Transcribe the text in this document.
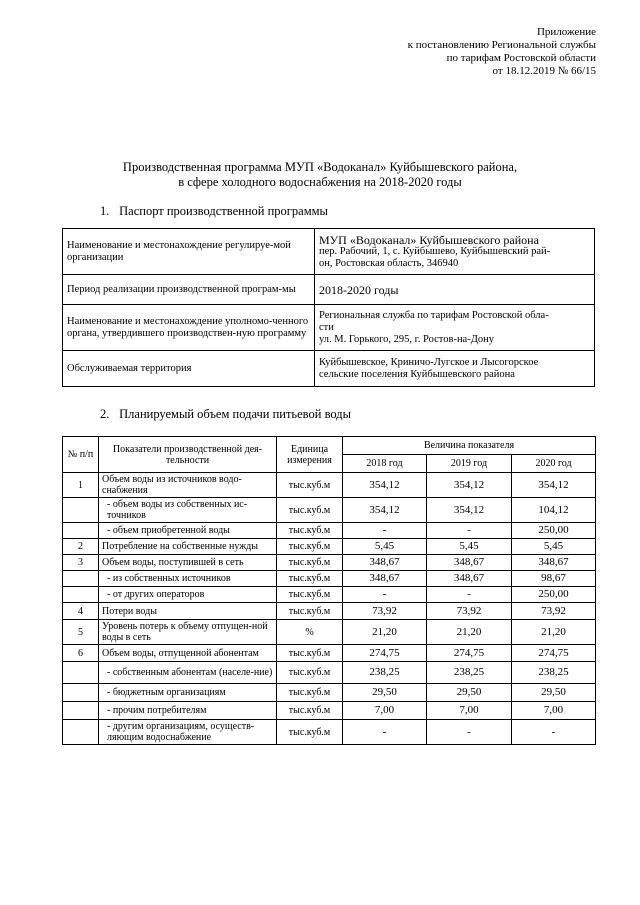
Приложение
к постановлению Региональной службы
по тарифам Ростовской области
от 18.12.2019 № 66/15
Производственная программа МУП «Водоканал» Куйбышевского района,
в сфере холодного водоснабжения на 2018-2020 годы
1. Паспорт производственной программы
Наименование и местонахождение регулируе-мой организации	МУП «Водоканал» Куйбышевского района
пер. Рабочий, 1, с. Куйбышево, Куйбышевский рай-
он, Ростовская область, 346940

Период реализации производственной програм-мы	2018-2020 годы

Наименование и местонахождение уполномо-ченного органа, утвердившего производствен-ную программу	Региональная служба по тарифам Ростовской обла-
сти
ул. М. Горького, 295, г. Ростов-на-Дону

Обслуживаемая территория	Куйбышевское, Криничо-Лугское и Лысогорское
сельские поселения Куйбышевского района
2. Планируемый объем подачи питьевой воды
№ п/п	Показатели производственной дея-тельности	Единица измерения	Величина показателя		
			2018 год	2019 год	2020 год
1	Объем воды из источников водо-снабжения	тыс.куб.м	354,12	354,12	354,12
	- объем воды из собственных ис-точников	тыс.куб.м	354,12	354,12	104,12
	- объем приобретенной воды	тыс.куб.м	-	-	250,00
2	Потребление на собственные нужды	тыс.куб.м	5,45	5,45	5,45
3	Объем воды, поступившей в сеть	тыс.куб.м	348,67	348,67	348,67
	- из собственных источников	тыс.куб.м	348,67	348,67	98,67
	- от других операторов	тыс.куб.м	-	-	250,00
4	Потери воды	тыс.куб.м	73,92	73,92	73,92
5	Уровень потерь к объему отпущен-ной воды в сеть	%	21,20	21,20	21,20
6	Объем воды, отпущенной абонентам	тыс.куб.м	274,75	274,75	274,75
	- собственным абонентам (населе-ние)	тыс.куб.м	238,25	238,25	238,25
	- бюджетным организациям	тыс.куб.м	29,50	29,50	29,50
	- прочим потребителям	тыс.куб.м	7,00	7,00	7,00
	- другим организациям, осуществ-ляющим водоснабжение	тыс.куб.м	-	-	-
